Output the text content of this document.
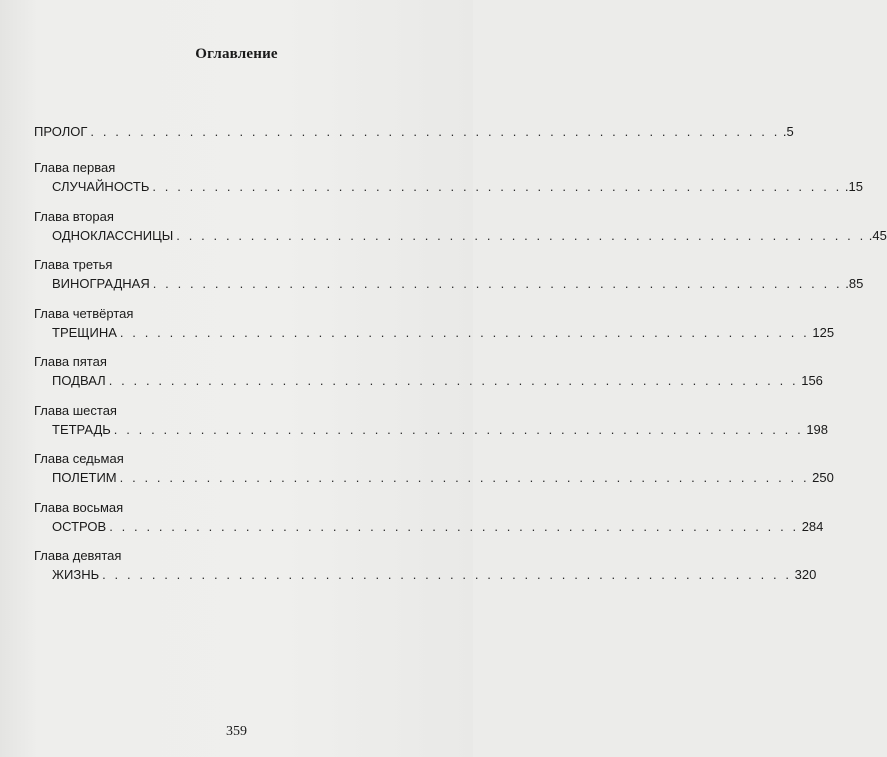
Оглавление
ПРОЛОГ . . . . . . . . . . . . . . . . . . . . . . . . . . . . . . . . . . . . . . . . . . . . . . . . . . . . . . . . .5
Глава первая
СЛУЧАЙНОСТЬ . . . . . . . . . . . . . . . . . . . . . . . . . . . . . . . . . . . . . . . . . . . . . . . . . . . . . . . . .15
Глава вторая
ОДНОКЛАССНИЦЫ . . . . . . . . . . . . . . . . . . . . . . . . . . . . . . . . . . . . . . . . . . . . . . . . . . . . . . . . .45
Глава третья
ВИНОГРАДНАЯ . . . . . . . . . . . . . . . . . . . . . . . . . . . . . . . . . . . . . . . . . . . . . . . . . . . . . . . . .85
Глава четвёртая
ТРЕЩИНА . . . . . . . . . . . . . . . . . . . . . . . . . . . . . . . . . . . . . . . . . . . . . . . . . . . . . . . . 125
Глава пятая
ПОДВАЛ . . . . . . . . . . . . . . . . . . . . . . . . . . . . . . . . . . . . . . . . . . . . . . . . . . . . . . . . 156
Глава шестая
ТЕТРАДЬ . . . . . . . . . . . . . . . . . . . . . . . . . . . . . . . . . . . . . . . . . . . . . . . . . . . . . . . . 198
Глава седьмая
ПОЛЕТИМ . . . . . . . . . . . . . . . . . . . . . . . . . . . . . . . . . . . . . . . . . . . . . . . . . . . . . . . . 250
Глава восьмая
ОСТРОВ . . . . . . . . . . . . . . . . . . . . . . . . . . . . . . . . . . . . . . . . . . . . . . . . . . . . . . . . 284
Глава девятая
ЖИЗНЬ . . . . . . . . . . . . . . . . . . . . . . . . . . . . . . . . . . . . . . . . . . . . . . . . . . . . . . . . 320
359
